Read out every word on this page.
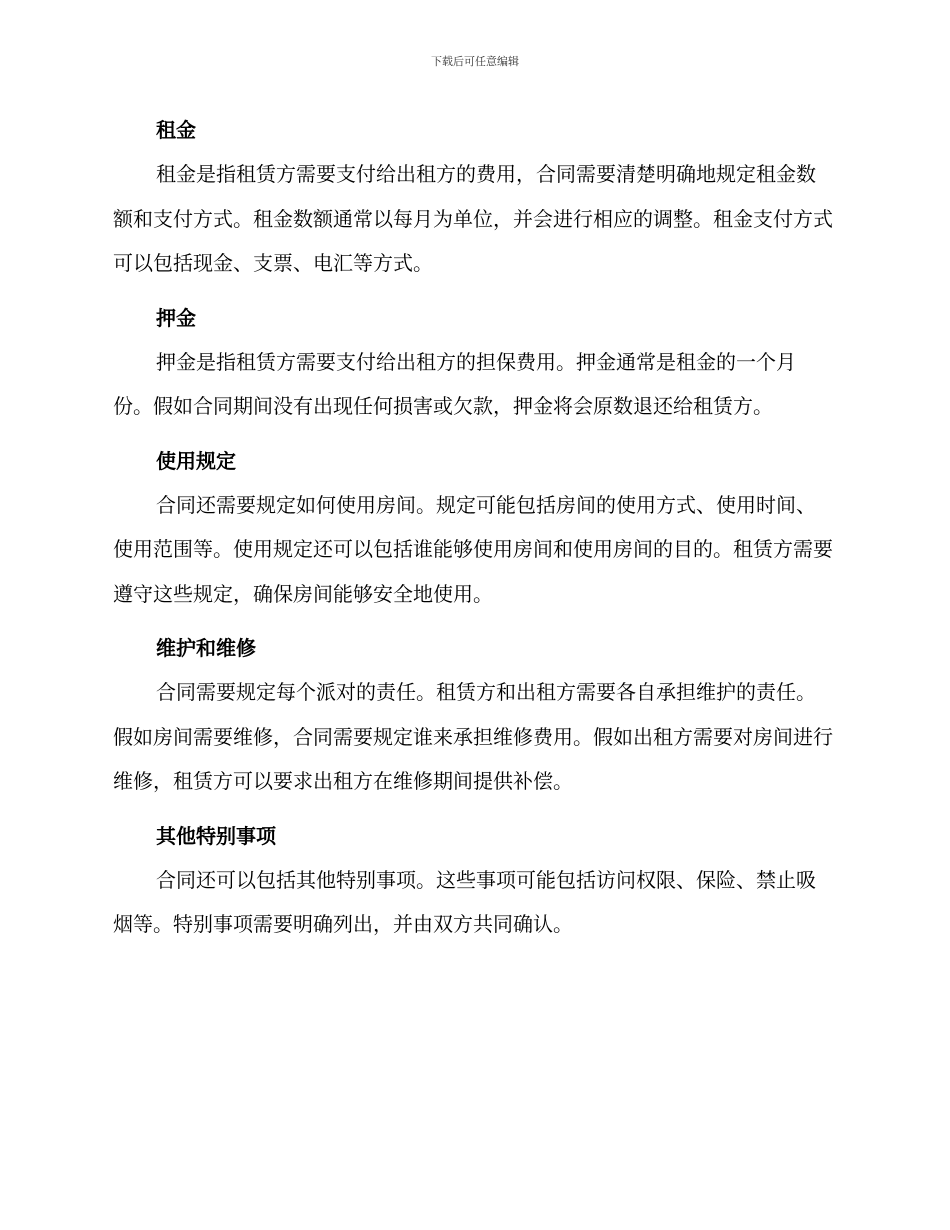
下载后可任意编辑
租金

租金是指租赁方需要支付给出租方的费用，合同需要清楚明确地规定租金数额和支付方式。租金数额通常以每月为单位，并会进行相应的调整。租金支付方式可以包括现金、支票、电汇等方式。

押金

押金是指租赁方需要支付给出租方的担保费用。押金通常是租金的一个月份。假如合同期间没有出现任何损害或欠款，押金将会原数退还给租赁方。

使用规定

合同还需要规定如何使用房间。规定可能包括房间的使用方式、使用时间、使用范围等。使用规定还可以包括谁能够使用房间和使用房间的目的。租赁方需要遵守这些规定，确保房间能够安全地使用。

维护和维修

合同需要规定每个派对的责任。租赁方和出租方需要各自承担维护的责任。假如房间需要维修，合同需要规定谁来承担维修费用。假如出租方需要对房间进行维修，租赁方可以要求出租方在维修期间提供补偿。

其他特别事项

合同还可以包括其他特别事项。这些事项可能包括访问权限、保险、禁止吸烟等。特别事项需要明确列出，并由双方共同确认。
